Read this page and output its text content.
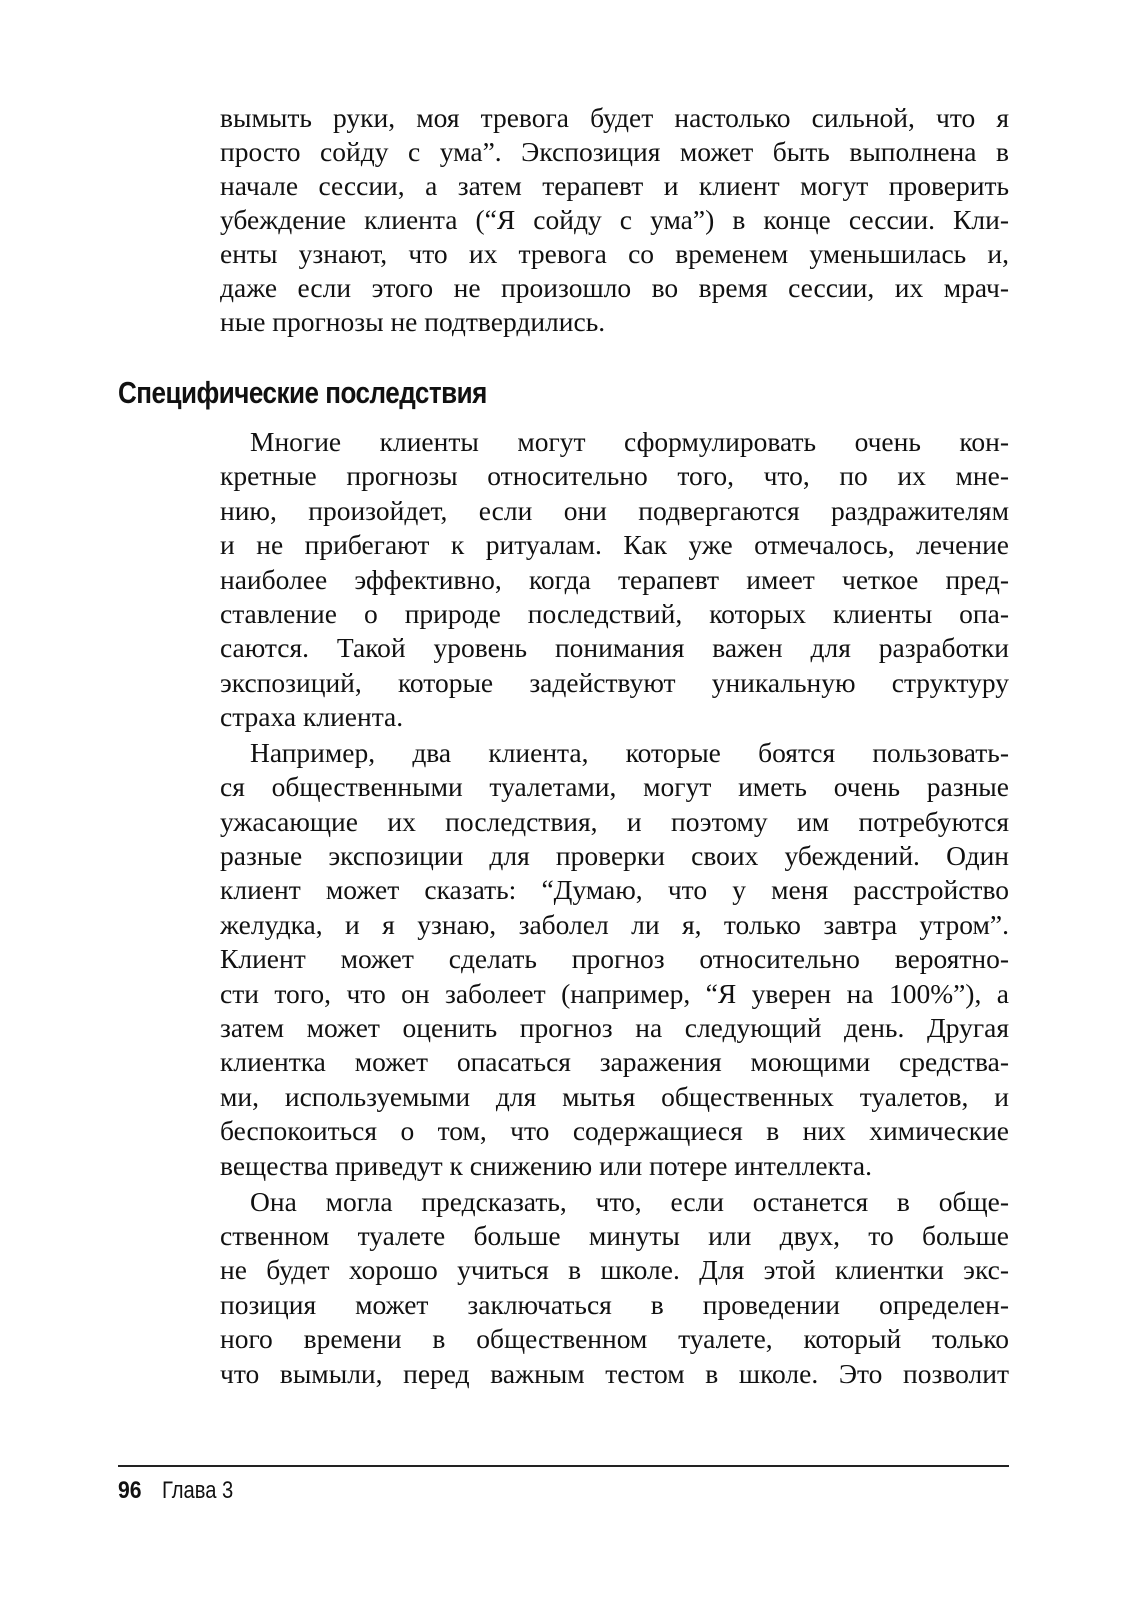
вымыть руки, моя тревога будет настолько сильной, что я
просто сойду с ума”. Экспозиция может быть выполнена в
начале сессии, а затем терапевт и клиент могут проверить
убеждение клиента (“Я сойду с ума”) в конце сессии. Кли-
енты узнают, что их тревога со временем уменьшилась и,
даже если этого не произошло во время сессии, их мрач-
ные прогнозы не подтвердились.
Специфические последствия
Многие клиенты могут сформулировать очень кон-
кретные прогнозы относительно того, что, по их мне-
нию, произойдет, если они подвергаются раздражителям
и не прибегают к ритуалам. Как уже отмечалось, лечение
наиболее эффективно, когда терапевт имеет четкое пред-
ставление о природе последствий, которых клиенты опа-
саются. Такой уровень понимания важен для разработки
экспозиций, которые задействуют уникальную структуру
страха клиента.
Например, два клиента, которые боятся пользовать-
ся общественными туалетами, могут иметь очень разные
ужасающие их последствия, и поэтому им потребуются
разные экспозиции для проверки своих убеждений. Один
клиент может сказать: “Думаю, что у меня расстройство
желудка, и я узнаю, заболел ли я, только завтра утром”.
Клиент может сделать прогноз относительно вероятно-
сти того, что он заболеет (например, “Я уверен на 100%”), а
затем может оценить прогноз на следующий день. Другая
клиентка может опасаться заражения моющими средства-
ми, используемыми для мытья общественных туалетов, и
беспокоиться о том, что содержащиеся в них химические
вещества приведут к снижению или потере интеллекта.
Она могла предсказать, что, если останется в обще-
ственном туалете больше минуты или двух, то больше
не будет хорошо учиться в школе. Для этой клиентки экс-
позиция может заключаться в проведении определен-
ного времени в общественном туалете, который только
что вымыли, перед важным тестом в школе. Это позволит
96 Глава 3
